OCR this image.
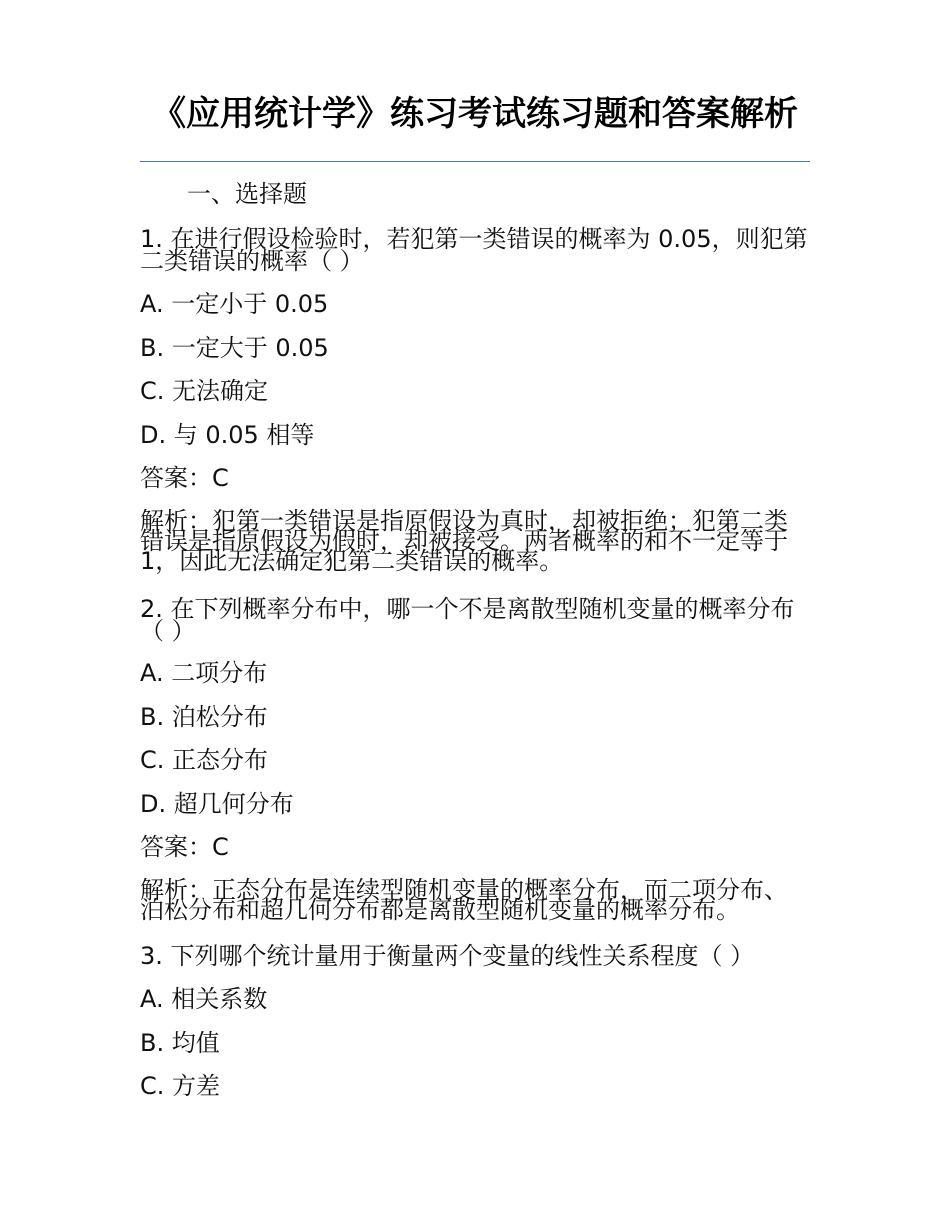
《应用统计学》练习考试练习题和答案解析
一、选择题
1. 在进行假设检验时，若犯第一类错误的概率为 0.05，则犯第二类错误的概率（ ）
A. 一定小于 0.05
B. 一定大于 0.05
C. 无法确定
D. 与 0.05 相等
答案：C
解析：犯第一类错误是指原假设为真时，却被拒绝；犯第二类错误是指原假设为假时，却被接受。两者概率的和不一定等于 1，因此无法确定犯第二类错误的概率。
2. 在下列概率分布中，哪一个不是离散型随机变量的概率分布（ ）
A. 二项分布
B. 泊松分布
C. 正态分布
D. 超几何分布
答案：C
解析：正态分布是连续型随机变量的概率分布，而二项分布、泊松分布和超几何分布都是离散型随机变量的概率分布。
3. 下列哪个统计量用于衡量两个变量的线性关系程度（ ）
A. 相关系数
B. 均值
C. 方差
